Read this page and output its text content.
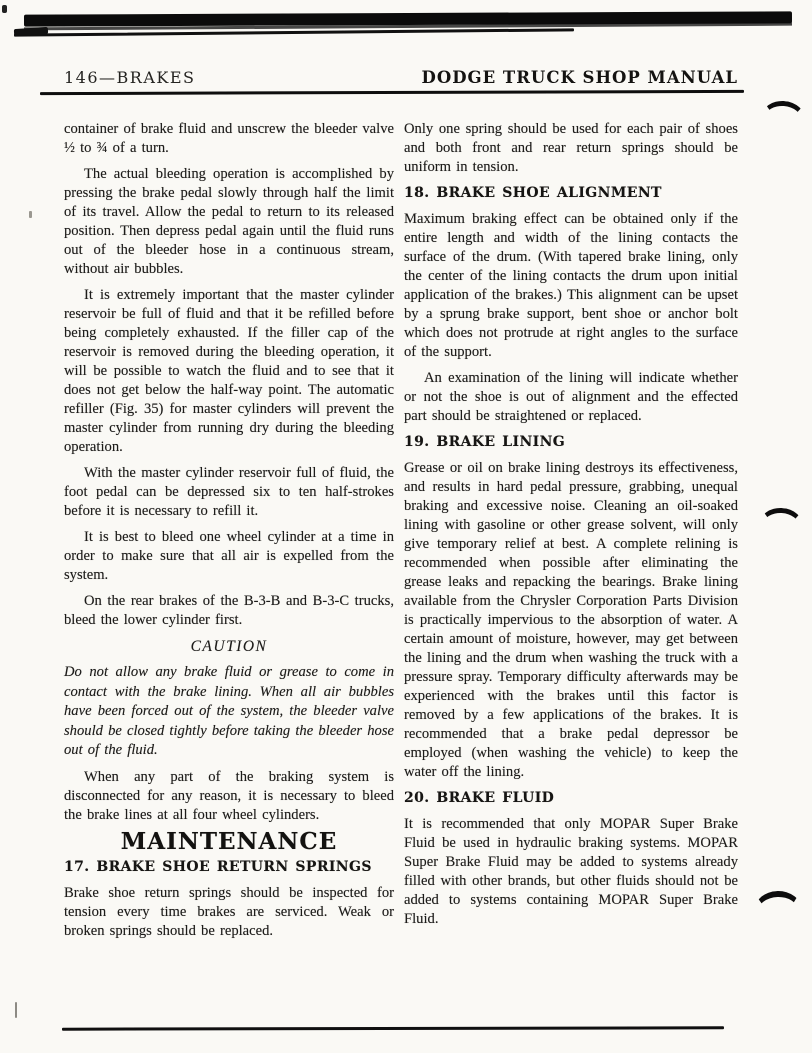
146—BRAKES	DODGE TRUCK SHOP MANUAL

container of brake fluid and unscrew the bleeder valve ½ to ¾ of a turn.

The actual bleeding operation is accomplished by pressing the brake pedal slowly through half the limit of its travel. Allow the pedal to return to its released position. Then depress pedal again until the fluid runs out of the bleeder hose in a continuous stream, without air bubbles.

It is extremely important that the master cylinder reservoir be full of fluid and that it be refilled before being completely exhausted. If the filler cap of the reservoir is removed during the bleeding operation, it will be possible to watch the fluid and to see that it does not get below the half-way point. The automatic refiller (Fig. 35) for master cylinders will prevent the master cylinder from running dry during the bleeding operation.

With the master cylinder reservoir full of fluid, the foot pedal can be depressed six to ten half-strokes before it is necessary to refill it.

It is best to bleed one wheel cylinder at a time in order to make sure that all air is expelled from the system.

On the rear brakes of the B-3-B and B-3-C trucks, bleed the lower cylinder first.

CAUTION

Do not allow any brake fluid or grease to come in contact with the brake lining. When all air bubbles have been forced out of the system, the bleeder valve should be closed tightly before taking the bleeder hose out of the fluid.

When any part of the braking system is disconnected for any reason, it is necessary to bleed the brake lines at all four wheel cylinders.

MAINTENANCE

17. BRAKE SHOE RETURN SPRINGS

Brake shoe return springs should be inspected for tension every time brakes are serviced. Weak or broken springs should be replaced.

Only one spring should be used for each pair of shoes and both front and rear return springs should be uniform in tension.

18. BRAKE SHOE ALIGNMENT

Maximum braking effect can be obtained only if the entire length and width of the lining contacts the surface of the drum. (With tapered brake lining, only the center of the lining contacts the drum upon initial application of the brakes.) This alignment can be upset by a sprung brake support, bent shoe or anchor bolt which does not protrude at right angles to the surface of the support.

An examination of the lining will indicate whether or not the shoe is out of alignment and the effected part should be straightened or replaced.

19. BRAKE LINING

Grease or oil on brake lining destroys its effectiveness, and results in hard pedal pressure, grabbing, unequal braking and excessive noise. Cleaning an oil-soaked lining with gasoline or other grease solvent, will only give temporary relief at best. A complete relining is recommended when possible after eliminating the grease leaks and repacking the bearings. Brake lining available from the Chrysler Corporation Parts Division is practically impervious to the absorption of water. A certain amount of moisture, however, may get between the lining and the drum when washing the truck with a pressure spray. Temporary difficulty afterwards may be experienced with the brakes until this factor is removed by a few applications of the brakes. It is recommended that a brake pedal depressor be employed (when washing the vehicle) to keep the water off the lining.

20. BRAKE FLUID

It is recommended that only MOPAR Super Brake Fluid be used in hydraulic braking systems. MOPAR Super Brake Fluid may be added to systems already filled with other brands, but other fluids should not be added to systems containing MOPAR Super Brake Fluid.
